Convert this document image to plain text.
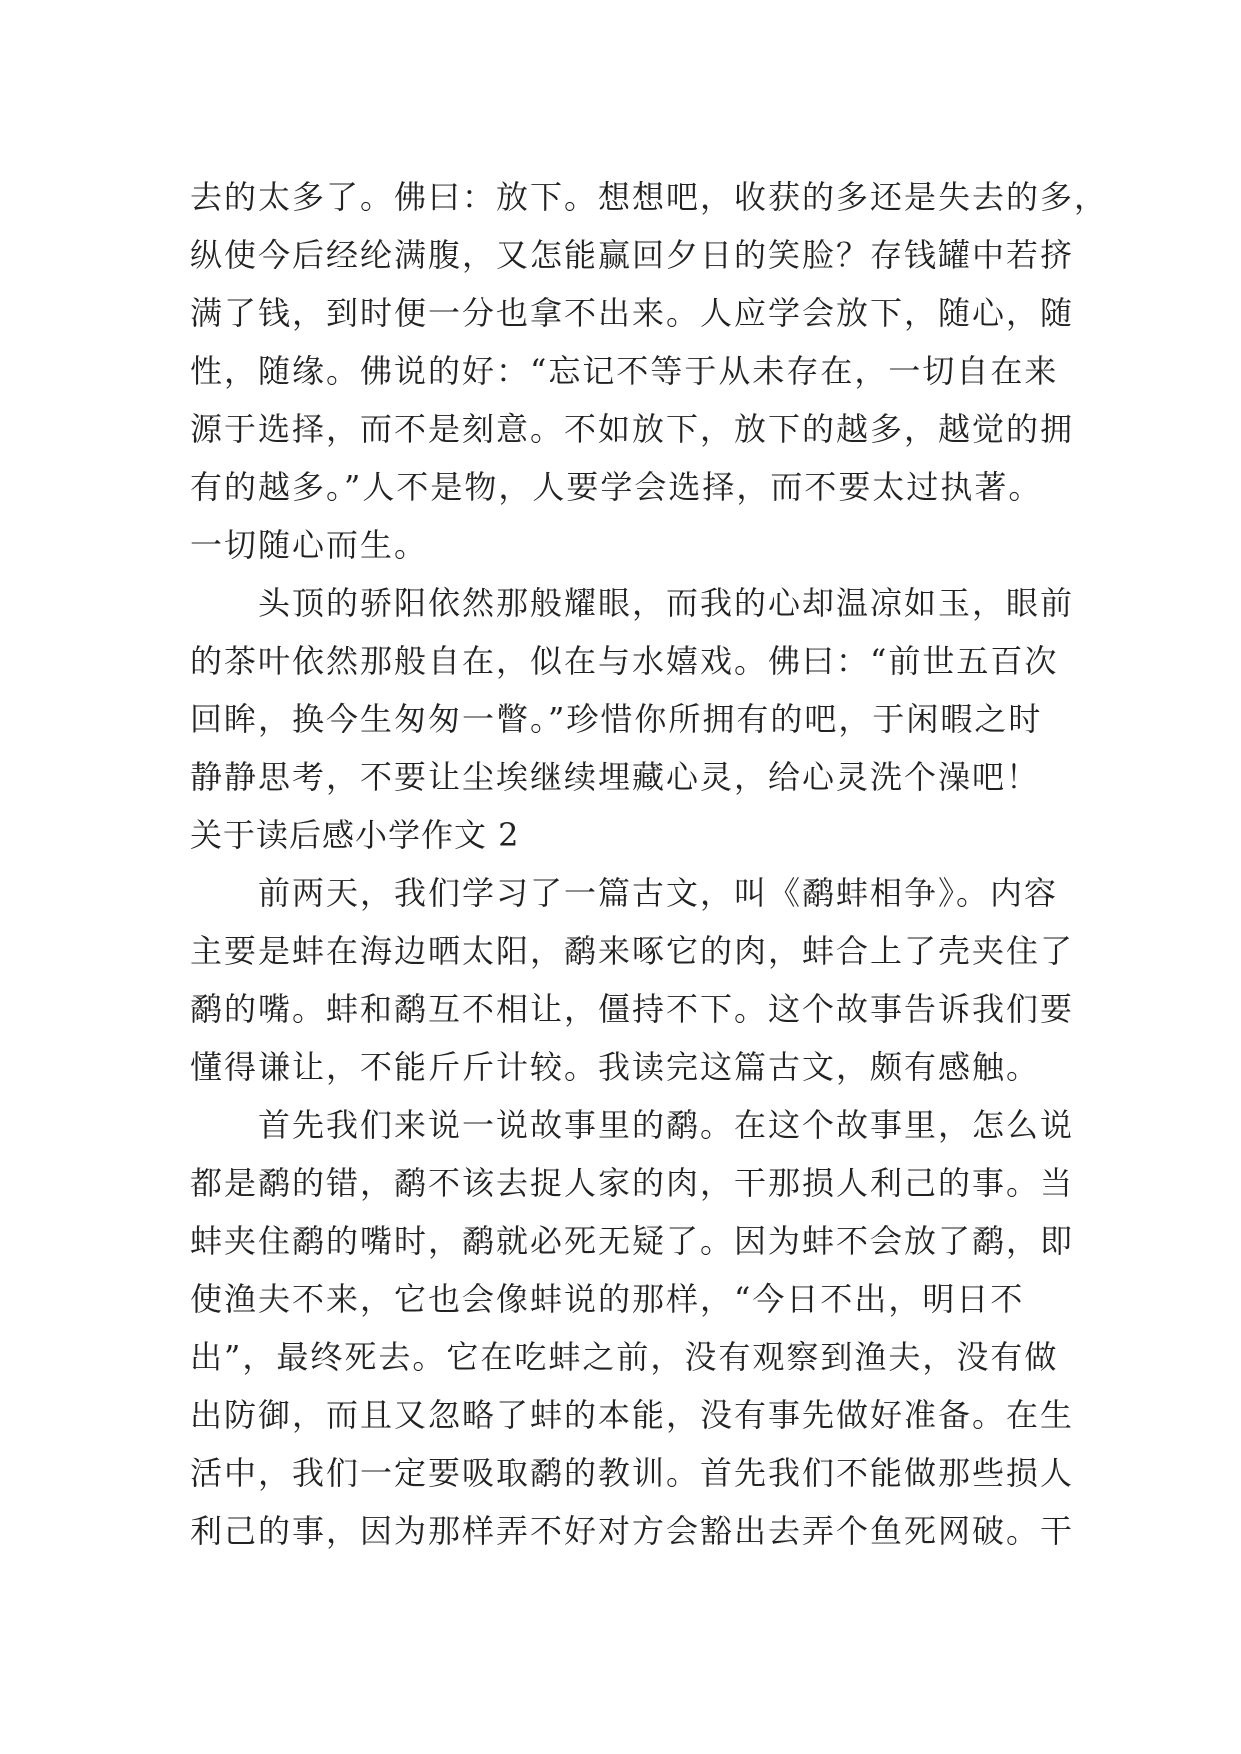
去的太多了。佛曰：放下。想想吧，收获的多还是失去的多，
纵使今后经纶满腹，又怎能赢回夕日的笑脸？存钱罐中若挤
满了钱，到时便一分也拿不出来。人应学会放下，随心，随
性，随缘。佛说的好：“忘记不等于从未存在，一切自在来
源于选择，而不是刻意。不如放下，放下的越多，越觉的拥
有的越多。”人不是物，人要学会选择，而不要太过执著。
一切随心而生。
　　头顶的骄阳依然那般耀眼，而我的心却温凉如玉，眼前
的茶叶依然那般自在，似在与水嬉戏。佛曰：“前世五百次
回眸，换今生匆匆一瞥。”珍惜你所拥有的吧，于闲暇之时
静静思考，不要让尘埃继续埋藏心灵，给心灵洗个澡吧！
关于读后感小学作文 2
　　前两天，我们学习了一篇古文，叫《鹬蚌相争》。内容
主要是蚌在海边晒太阳，鹬来啄它的肉，蚌合上了壳夹住了
鹬的嘴。蚌和鹬互不相让，僵持不下。这个故事告诉我们要
懂得谦让，不能斤斤计较。我读完这篇古文，颇有感触。
　　首先我们来说一说故事里的鹬。在这个故事里，怎么说
都是鹬的错，鹬不该去捉人家的肉，干那损人利己的事。当
蚌夹住鹬的嘴时，鹬就必死无疑了。因为蚌不会放了鹬，即
使渔夫不来，它也会像蚌说的那样，“今日不出，明日不
出”，最终死去。它在吃蚌之前，没有观察到渔夫，没有做
出防御，而且又忽略了蚌的本能，没有事先做好准备。在生
活中，我们一定要吸取鹬的教训。首先我们不能做那些损人
利己的事，因为那样弄不好对方会豁出去弄个鱼死网破。干
